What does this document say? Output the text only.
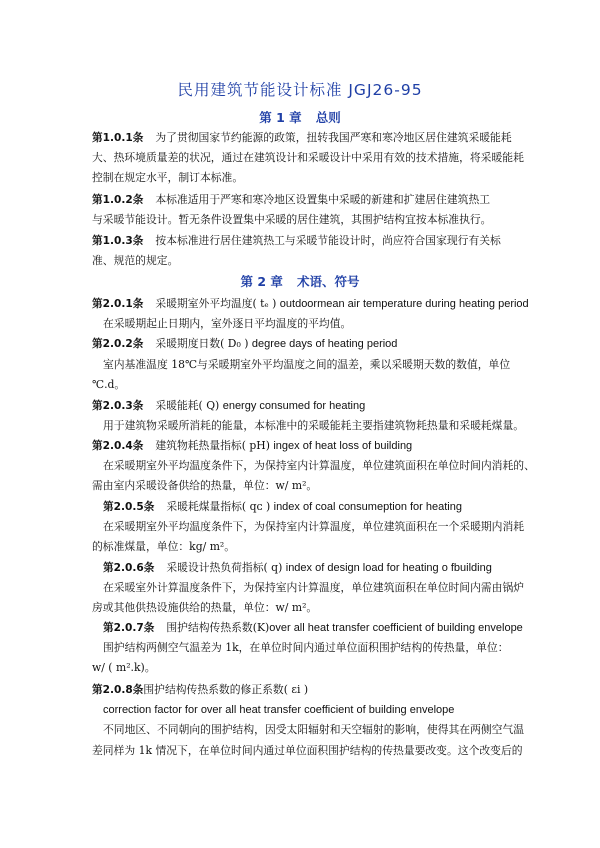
民用建筑节能设计标准 JGJ26-95
第 1 章 总则
第1.0.1条 为了贯彻国家节约能源的政策，扭转我国严寒和寒冷地区居住建筑采暖能耗
大、热环境质量差的状况，通过在建筑设计和采暖设计中采用有效的技术措施，将采暖能耗
控制在规定水平，制订本标准。
第1.0.2条 本标准适用于严寒和寒冷地区设置集中采暖的新建和扩建居住建筑热工
与采暖节能设计。暂无条件设置集中采暖的居住建筑，其围护结构宜按本标准执行。
第1.0.3条 按本标准进行居住建筑热工与采暖节能设计时，尚应符合国家现行有关标
准、规范的规定。
第 2 章 术语、符号
第2.0.1条 采暖期室外平均温度( tₑ ) outdoormean air temperature during heating period
在采暖期起止日期内，室外逐日平均温度的平均值。
第2.0.2条 采暖期度日数( D₀ ) degree days of heating period
室内基准温度 18℃与采暖期室外平均温度之间的温差，乘以采暖期天数的数值，单位
℃.d。
第2.0.3条 采暖能耗( Q) energy consumed for heating
用于建筑物采暖所消耗的能量，本标准中的采暖能耗主要指建筑物耗热量和采暖耗煤量。
第2.0.4条 建筑物耗热量指标( pH) ingex of heat loss of building
在采暖期室外平均温度条件下，为保持室内计算温度，单位建筑面积在单位时间内消耗的、
需由室内采暖设备供给的热量，单位：w/ m²。
第2.0.5条 采暖耗煤量指标( qᴄ ) index of coal consumeption for heating
在采暖期室外平均温度条件下，为保持室内计算温度，单位建筑面积在一个采暖期内消耗
的标准煤量，单位：kg/ m²。
第2.0.6条 采暖设计热负荷指标( q) index of design load for heating o fbuilding
在采暖室外计算温度条件下，为保持室内计算温度，单位建筑面积在单位时间内需由锅炉
房或其他供热设施供给的热量，单位：w/ m²。
第2.0.7条 围护结构传热系数(K)over all heat transfer coefficient of building envelope
围护结构两侧空气温差为 1k，在单位时间内通过单位面积围护结构的传热量，单位：
w/ ( m².k)。
第2.0.8条围护结构传热系数的修正系数( εi )
correction factor for over all heat transfer coefficient of building envelope
不同地区、不同朝向的围护结构，因受太阳辐射和天空辐射的影响，使得其在两侧空气温
差同样为 1k 情况下，在单位时间内通过单位面积围护结构的传热量要改变。这个改变后的
